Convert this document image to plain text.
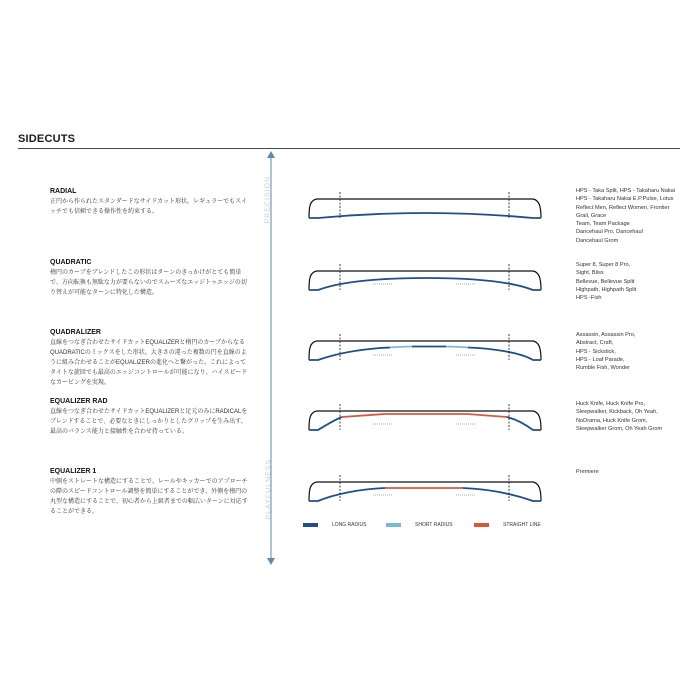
SIDECUTS
RADIAL
正円から作られたスタンダードなサイドカット形状。レギュラーでもスイッチでも信頼できる操作性を約束する。
QUADRATIC
楕円のカーブをブレンドしたこの形状はターンのきっかけがとても簡単で、方向転換も無駄な力が要らないのでスムーズなエッジトゥエッジの切り替えが可能なターンに特化した構造。
QUADRALIZER
直線をつなぎ合わせたサイドカットEQUALIZERと楕円のカーブからなるQUADRATICのミックスをした形状。大きさの違った複数の円を直線のように組み合わせることがEQUALIZERの進化へと繋がった。これによってタイトな旋回でも最高のエッジコントロールが可能になり、ハイスピードなカービングを実現。
EQUALIZER RAD
直線をつなぎ合わせたサイドカットEQUALIZERと足元のみにRADICALをブレンドすることで、必要なときにしっかりとしたグリップを生み出す。最高のバランス能力と接触性を合わせ持っている。
EQUALIZER 1
中側をストレートな構造にすることで、レールやキッカーでのアプローチの際のスピードコントロール調整を簡単にすることができ、外側を楕円の丸型な構造にすることで、初心者から上級者までの幅広いターンに対応することができる。
HPS - Taka Split, HPS - Takaharu Nakai
HPS - Takaharu Nakai E.P.Pulse, Lotus
Reflect Men, Reflect Women, Frontier
Grail, Grace
Team, Team Package
Dancehaul Pro, Dancehaul
Dancehaul Grom
Super 8, Super 8 Pro,
Sight, Bliss
Bellevue, Bellevue Split
Highpath, Highpath Split
HPS -Fish
Assassin, Assassin Pro,
Abstract, Craft,
HPS - Sickstick,
HPS - Loaf Parade,
Rumble Fish, Wonder
Huck Knife, Huck Knife Pro,
Sleepwalker, Kickback, Oh Yeah,
NoDrama, Huck Knife Grom,
Sleepwalker Grom, Oh Yeah Grom
Premiere
PRECISION
PLAYFULNESS
LONG RADIUS	SHORT RADIUS	STRAIGHT LINE
